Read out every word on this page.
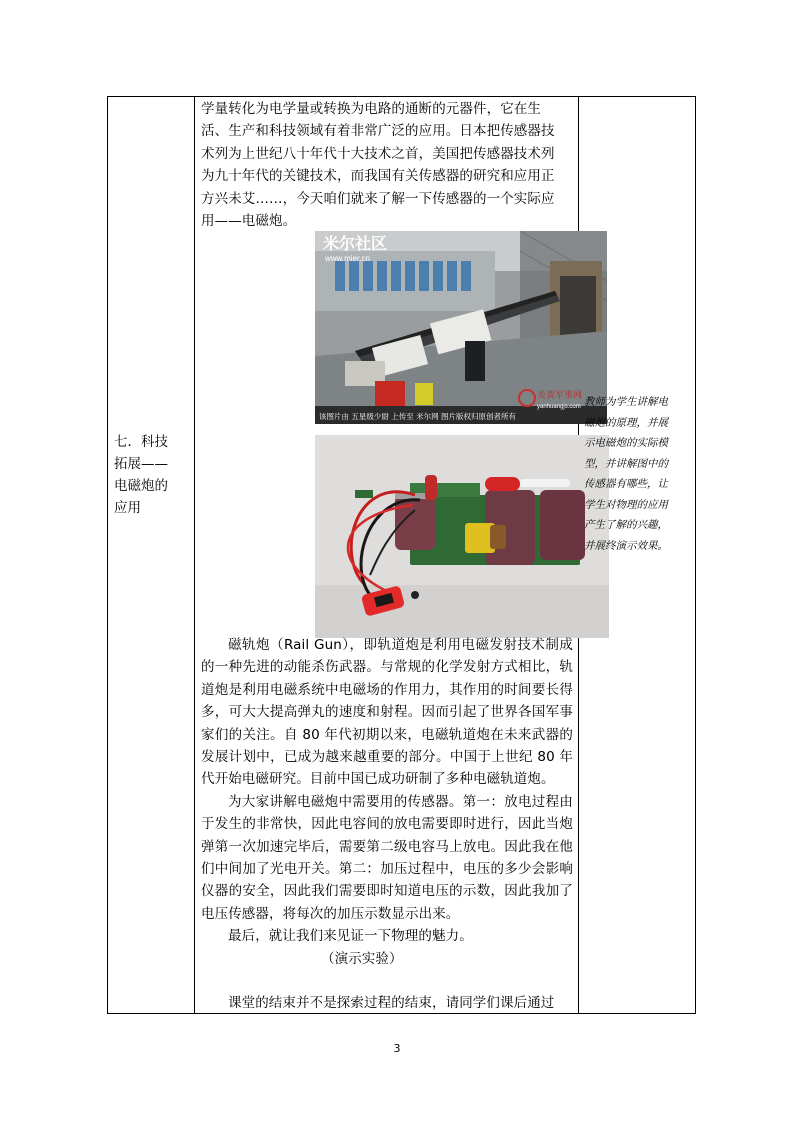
七．科技
拓展——
电磁炮的
应用
学量转化为电学量或转换为电路的通断的元器件，它在生
活、生产和科技领域有着非常广泛的应用。日本把传感器技
术列为上世纪八十年代十大技术之首，美国把传感器技术列
为九十年代的关键技术，而我国有关传感器的研究和应用正
方兴未艾……，今天咱们就来了解一下传感器的一个实际应
用——电磁炮。
米尔社区
www.mier.cn
炎黄军事网
yanhuangjs.com
该图片由 五星级少尉 上传至 米尔网 图片版权归原创者所有

磁轨炮（Rail Gun），即轨道炮是利用电磁发射技术制成的一种先进的动能杀伤武器。与常规的化学发射方式相比，轨道炮是利用电磁系统中电磁场的作用力，其作用的时间要长得多，可大大提高弹丸的速度和射程。因而引起了世界各国军事家们的关注。自 80 年代初期以来，电磁轨道炮在未来武器的发展计划中，已成为越来越重要的部分。中国于上世纪 80 年代开始电磁研究。目前中国已成功研制了多种电磁轨道炮。

为大家讲解电磁炮中需要用的传感器。第一：放电过程由于发生的非常快，因此电容间的放电需要即时进行，因此当炮弹第一次加速完毕后，需要第二级电容马上放电。因此我在他们中间加了光电开关。第二：加压过程中，电压的多少会影响仪器的安全，因此我们需要即时知道电压的示数，因此我加了电压传感器，将每次的加压示数显示出来。

最后，就让我们来见证一下物理的魅力。

（演示实验）

课堂的结束并不是探索过程的结束，请同学们课后通过

教师为学生讲解电
磁炮的原理，并展
示电磁炮的实际模
型，并讲解图中的
传感器有哪些，让
学生对物理的应用
产生了解的兴趣，
并展终演示效果。
3
